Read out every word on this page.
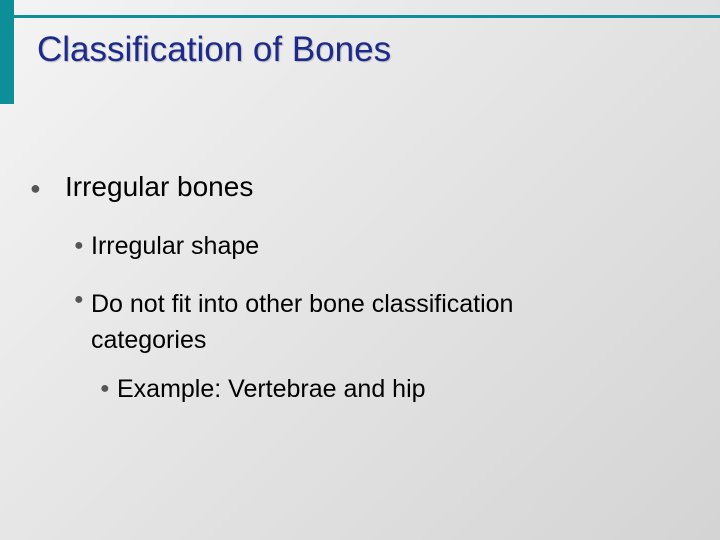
Classification of Bones
● Irregular bones
● Irregular shape
● Do not fit into other bone classification categories
● Example: Vertebrae and hip
